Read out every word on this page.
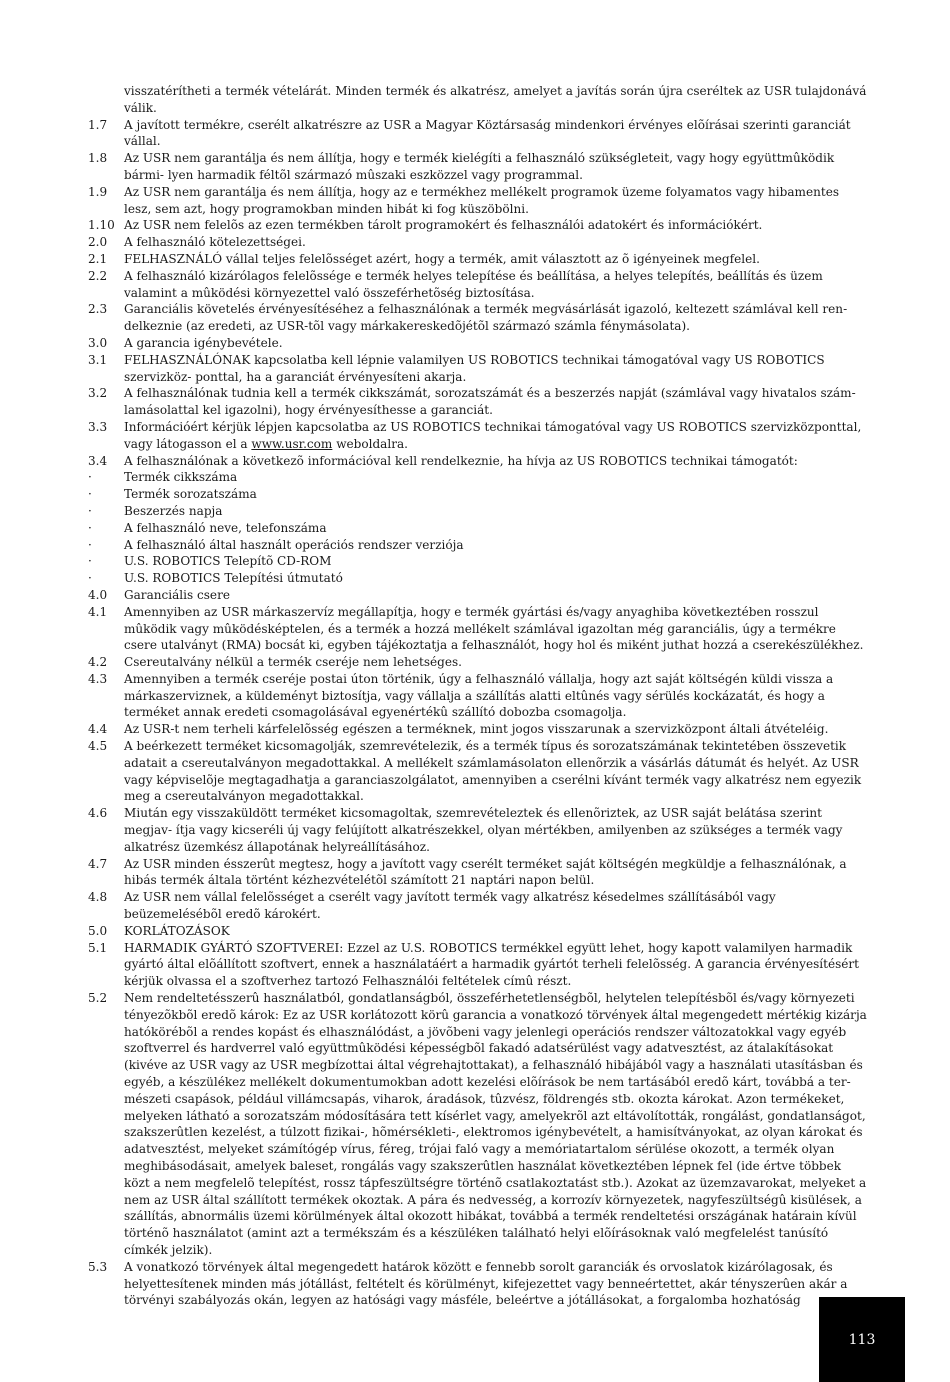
visszatérítheti a termék vételárát. Minden termék és alkatrész, amelyet a javítás során újra cseréltek az USR tulajdonává válik.
1.7	A javított termékre, cserélt alkatrészre az USR a Magyar Köztársaság mindenkori érvényes elõírásai szerinti garanciát vállal.
1.8	Az USR nem garantálja és nem állítja, hogy e termék kielégíti a felhasználó szükségleteit, vagy hogy együttmûködik bármi- lyen harmadik féltõl származó mûszaki eszközzel vagy programmal.
1.9	Az USR nem garantálja és nem állítja, hogy az e termékhez mellékelt programok üzeme folyamatos vagy hibamentes lesz, sem azt, hogy programokban minden hibát ki fog küszöbölni.
1.10 Az USR nem felelõs az ezen termékben tárolt programokért és felhasználói adatokért és információkért.
2.0	A felhasználó kötelezettségei.
2.1	FELHASZNÁLÓ vállal teljes felelõsséget azért, hogy a termék, amit választott az õ igényeinek megfelel.
2.2	A felhasználó kizárólagos felelõssége e termék helyes telepítése és beállítása, a helyes telepítés, beállítás és üzem valamint a mûködési környezettel való összeférhetõség biztosítása.
2.3	Garanciális követelés érvényesítéséhez a felhasználónak a termék megvásárlását igazoló, keltezett számlával kell ren- delkeznie (az eredeti, az USR-tõl vagy márkakereskedõjétõl származó számla fénymásolata).
3.0	A garancia igénybevétele.
3.1	FELHASZNÁLÓNAK kapcsolatba kell lépnie valamilyen US ROBOTICS technikai támogatóval vagy US ROBOTICS szervizköz- ponttal, ha a garanciát érvényesíteni akarja.
3.2	A felhasználónak tudnia kell a termék cikkszámát, sorozatszámát és a beszerzés napját (számlával vagy hivatalos szám- lamásolattal kel igazolni), hogy érvényesíthesse a garanciát.
3.3	Információért kérjük lépjen kapcsolatba az US ROBOTICS technikai támogatóval vagy US ROBOTICS szervizközponttal, vagy látogasson el a www.usr.com weboldalra.
3.4	A felhasználónak a következõ információval kell rendelkeznie, ha hívja az US ROBOTICS technikai támogatót:
·	Termék cikkszáma
·	Termék sorozatszáma
·	Beszerzés napja
·	A felhasználó neve, telefonszáma
·	A felhasználó által használt operációs rendszer verziója
·	U.S. ROBOTICS Telepítõ CD-ROM
·	U.S. ROBOTICS Telepítési útmutató
4.0	Garanciális csere
4.1	Amennyiben az USR márkaszervíz megállapítja, hogy e termék gyártási és/vagy anyaghiba következtében rosszul mûködik vagy mûködésképtelen, és a termék a hozzá mellékelt számlával igazoltan még garanciális, úgy a termékre csere utalványt (RMA) bocsát ki, egyben tájékoztatja a felhasználót, hogy hol és miként juthat hozzá a cserekészülékhez.
4.2	Csereutalvány nélkül a termék cseréje nem lehetséges.
4.3	Amennyiben a termék cseréje postai úton történik, úgy a felhasználó vállalja, hogy azt saját költségén küldi vissza a márkaszerviznek, a küldeményt biztosítja, vagy vállalja a szállítás alatti eltûnés vagy sérülés kockázatát, és hogy a terméket annak eredeti csomagolásával egyenértékû szállító dobozba csomagolja.
4.4	Az USR-t nem terheli kárfelelõsség egészen a terméknek, mint jogos visszarunak a szervizközpont általi átvételéig.
4.5	A beérkezett terméket kicsomagolják, szemrevételezik, és a termék típus és sorozatszámának tekintetében összevetik adatait a csereutalványon megadottakkal. A mellékelt számlamásolaton ellenõrzik a vásárlás dátumát és helyét. Az USR vagy képviselõje megtagadhatja a garanciaszolgálatot, amennyiben a cserélni kívánt termék vagy alkatrész nem egyezik meg a csereutalványon megadottakkal.
4.6	Miután egy visszaküldött terméket kicsomagoltak, szemrevételeztek és ellenõriztek, az USR saját belátása szerint megjav- ítja vagy kicseréli új vagy felújított alkatrészekkel, olyan mértékben, amilyenben az szükséges a termék vagy alkatrész üzemkész állapotának helyreállításához.
4.7	Az USR minden ésszerût megtesz, hogy a javított vagy cserélt terméket saját költségén megküldje a felhasználónak, a hibás termék általa történt kézhezvételétõl számított 21 naptári napon belül.
4.8	Az USR nem vállal felelõsséget a cserélt vagy javított termék vagy alkatrész késedelmes szállításából vagy beüzemelésébõl eredõ károkért.
5.0	KORLÁTOZÁSOK
5.1	HARMADIK GYÁRTÓ SZOFTVEREI: Ezzel az U.S. ROBOTICS termékkel együtt lehet, hogy kapott valamilyen harmadik gyártó által elõállított szoftvert, ennek a használatáért a harmadik gyártót terheli felelõsség. A garancia érvényesítésért kérjük olvassa el a szoftverhez tartozó Felhasználói feltételek címû részt.
5.2	Nem rendeltetésszerû használatból, gondatlanságból, összeférhetetlenségbõl, helytelen telepítésbõl és/vagy környezeti tényezõkbõl eredõ károk: Ez az USR korlátozott körû garancia a vonatkozó törvények által megengedett mértékig kizárja hatókörébõl a rendes kopást és elhasználódást, a jövõbeni vagy jelenlegi operációs rendszer változatokkal vagy egyéb szoftverrel és hardverrel való együttmûködési képességbõl fakadó adatsérülést vagy adatvesztést, az átalakításokat (kivéve az USR vagy az USR megbízottai által végrehajtottakat), a felhasználó hibájából vagy a használati utasításban és egyéb, a készülékez mellékelt dokumentumokban adott kezelési elõírások be nem tartásából eredõ kárt, továbbá a ter- mészeti csapások, például villámcsapás, viharok, áradások, tûzvész, földrengés stb. okozta károkat. Azon termékeket, melyeken látható a sorozatszám módosítására tett kísérlet vagy, amelyekrõl azt eltávolították, rongálást, gondatlanságot, szakszerûtlen kezelést, a túlzott fizikai-, hõmérsékleti-, elektromos igénybevételt, a hamisítványokat, az olyan károkat és adatvesztést, melyeket számítógép vírus, féreg, trójai faló vagy a memóriatartalom sérülése okozott, a termék olyan meghibásodásait, amelyek baleset, rongálás vagy szakszerûtlen használat következtében lépnek fel (ide értve többek közt a nem megfelelõ telepítést, rossz tápfeszültségre történõ csatlakoztatást stb.). Azokat az üzemzavarokat, melyeket a nem az USR által szállított termékek okoztak. A pára és nedvesség, a korrozív környezetek, nagyfeszültségû kisülések, a szállítás, abnormális üzemi körülmények által okozott hibákat, továbbá a termék rendeltetési országának határain kívül történõ használatot (amint azt a termékszám és a készüléken található helyi elõírásoknak való megfelelést tanúsító címkék jelzik).
5.3	A vonatkozó törvények által megengedett határok között e fennebb sorolt garanciák és orvoslatok kizárólagosak, és helyettesítenek minden más jótállást, feltételt és körülményt, kifejezettet vagy benneértettet, akár tényszerûen akár a törvényi szabályozás okán, legyen az hatósági vagy másféle, beleértve a jótállásokat, a forgalomba hozhatóság
113
